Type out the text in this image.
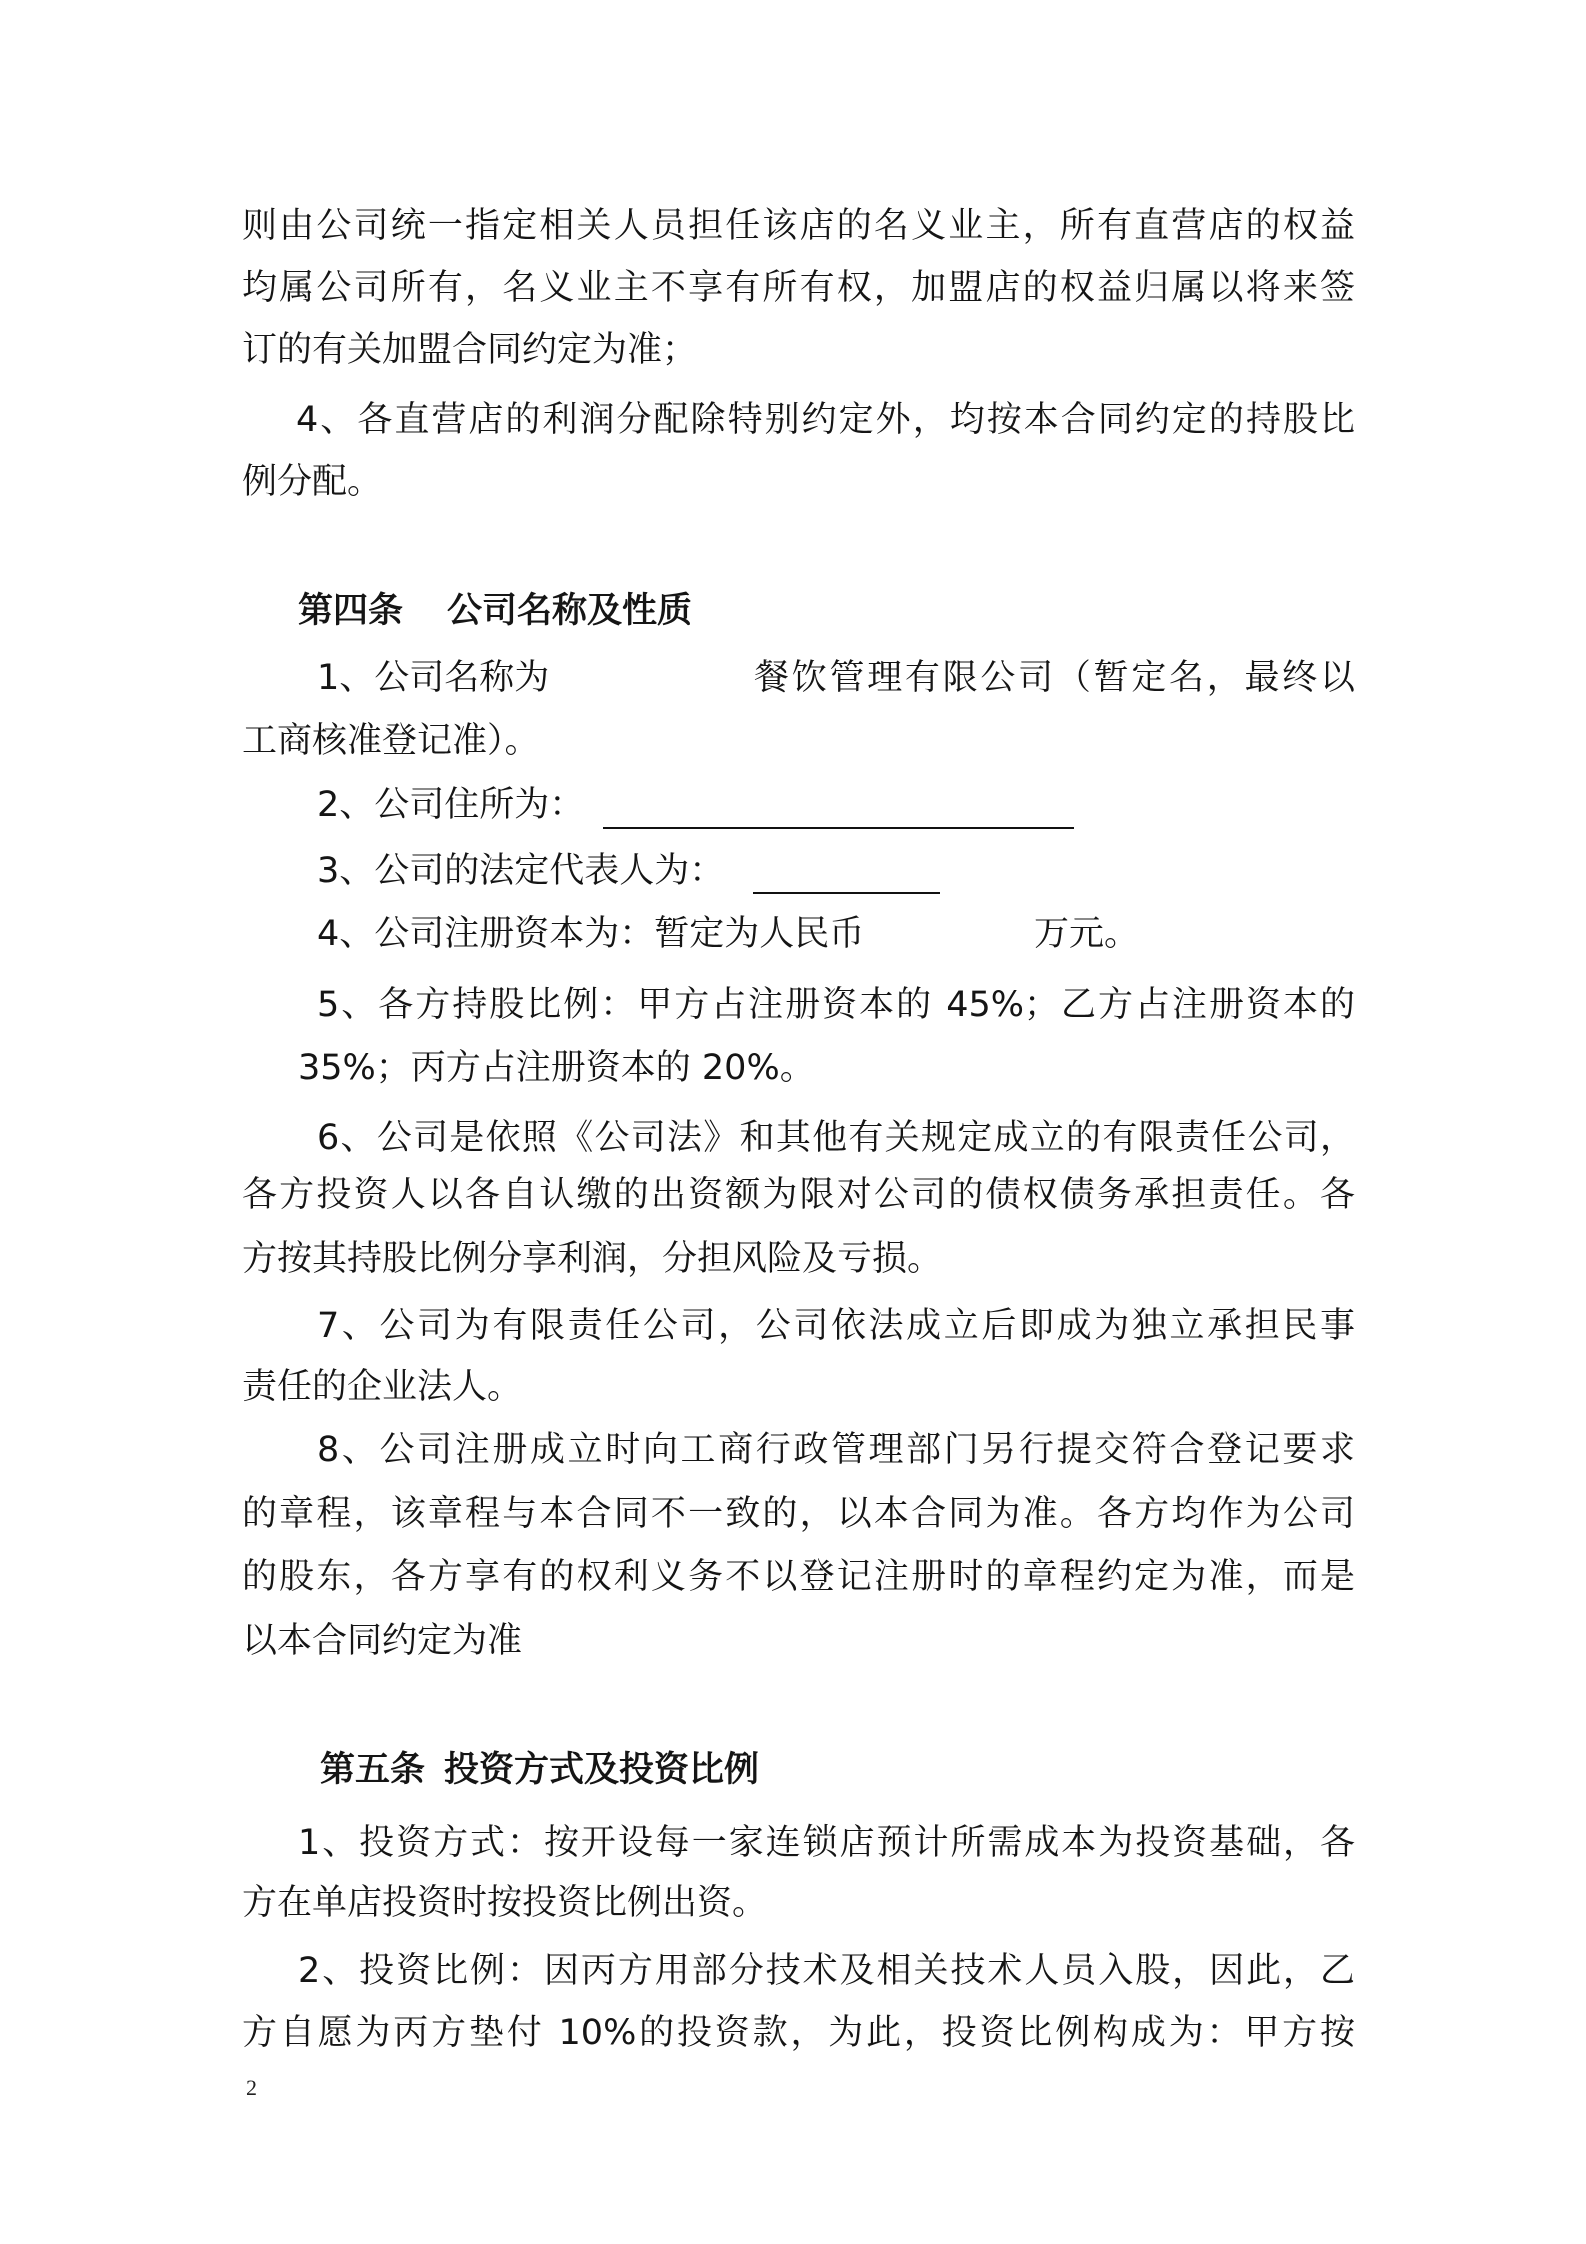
则由公司统一指定相关人员担任该店的名义业主，所有直营店的权益
均属公司所有，名义业主不享有所有权，加盟店的权益归属以将来签
订的有关加盟合同约定为准；
4、各直营店的利润分配除特别约定外，均按本合同约定的持股比
例分配。
第四条 公司名称及性质
1、公司名称为	餐饮管理有限公司（暂定名，最终以
工商核准登记准）。
2、公司住所为：
3、公司的法定代表人为：
4、公司注册资本为：暂定为人民币	万元。
5、各方持股比例：甲方占注册资本的 45%；乙方占注册资本的
35%；丙方占注册资本的 20%。
6、公司是依照《公司法》和其他有关规定成立的有限责任公司，
各方投资人以各自认缴的出资额为限对公司的债权债务承担责任。各
方按其持股比例分享利润，分担风险及亏损。
7、公司为有限责任公司，公司依法成立后即成为独立承担民事
责任的企业法人。
8、公司注册成立时向工商行政管理部门另行提交符合登记要求
的章程，该章程与本合同不一致的，以本合同为准。各方均作为公司
的股东，各方享有的权利义务不以登记注册时的章程约定为准，而是
以本合同约定为准
第五条 投资方式及投资比例
1、投资方式：按开设每一家连锁店预计所需成本为投资基础，各
方在单店投资时按投资比例出资。
2、投资比例：因丙方用部分技术及相关技术人员入股，因此，乙
方自愿为丙方垫付 10%的投资款，为此，投资比例构成为：甲方按
2
